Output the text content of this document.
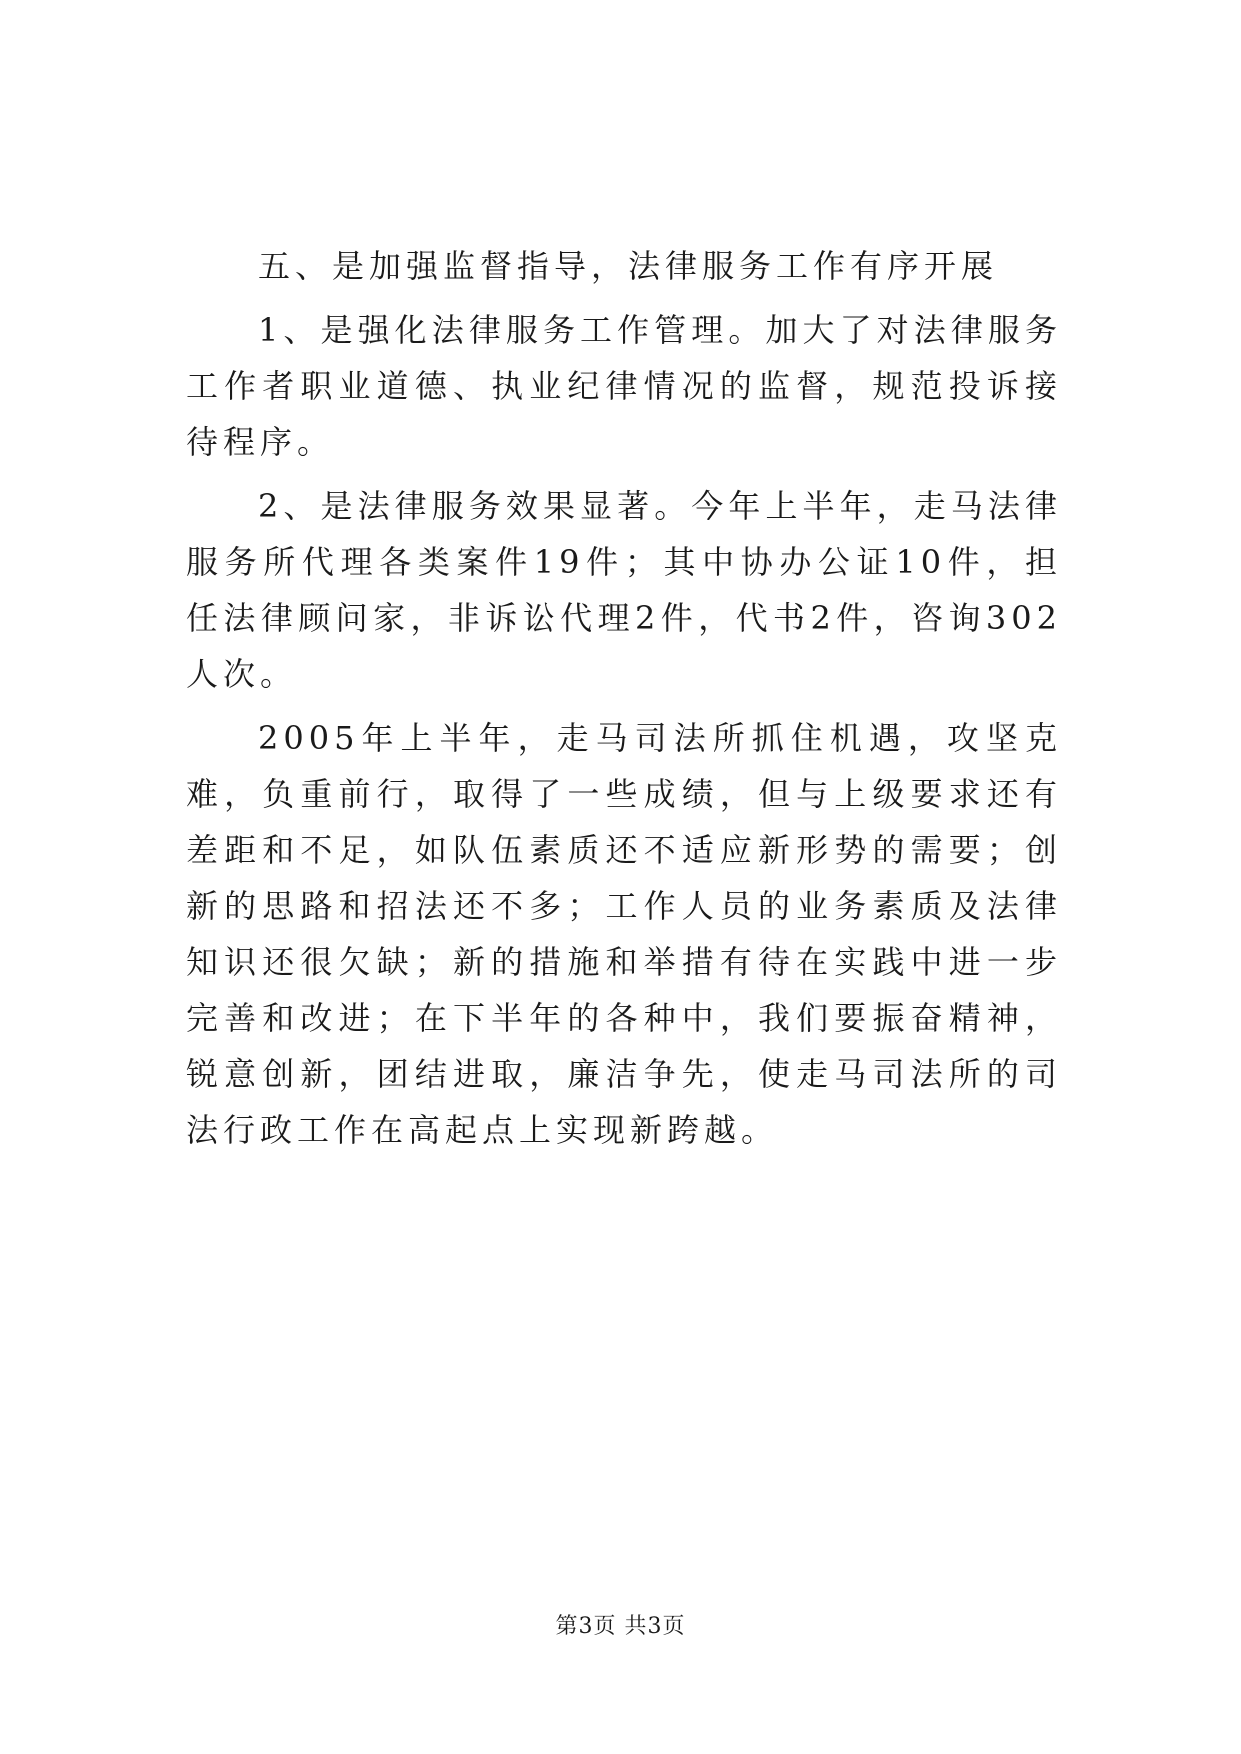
五、是加强监督指导，法律服务工作有序开展

1、是强化法律服务工作管理。加大了对法律服务工作者职业道德、执业纪律情况的监督，规范投诉接待程序。

2、是法律服务效果显著。今年上半年，走马法律服务所代理各类案件19件；其中协办公证10件，担任法律顾问家，非诉讼代理2件，代书2件，咨询302人次。

2005年上半年，走马司法所抓住机遇，攻坚克难，负重前行，取得了一些成绩，但与上级要求还有差距和不足，如队伍素质还不适应新形势的需要；创新的思路和招法还不多；工作人员的业务素质及法律知识还很欠缺；新的措施和举措有待在实践中进一步完善和改进；在下半年的各种中，我们要振奋精神，锐意创新，团结进取，廉洁争先，使走马司法所的司法行政工作在高起点上实现新跨越。

第3页 共3页
